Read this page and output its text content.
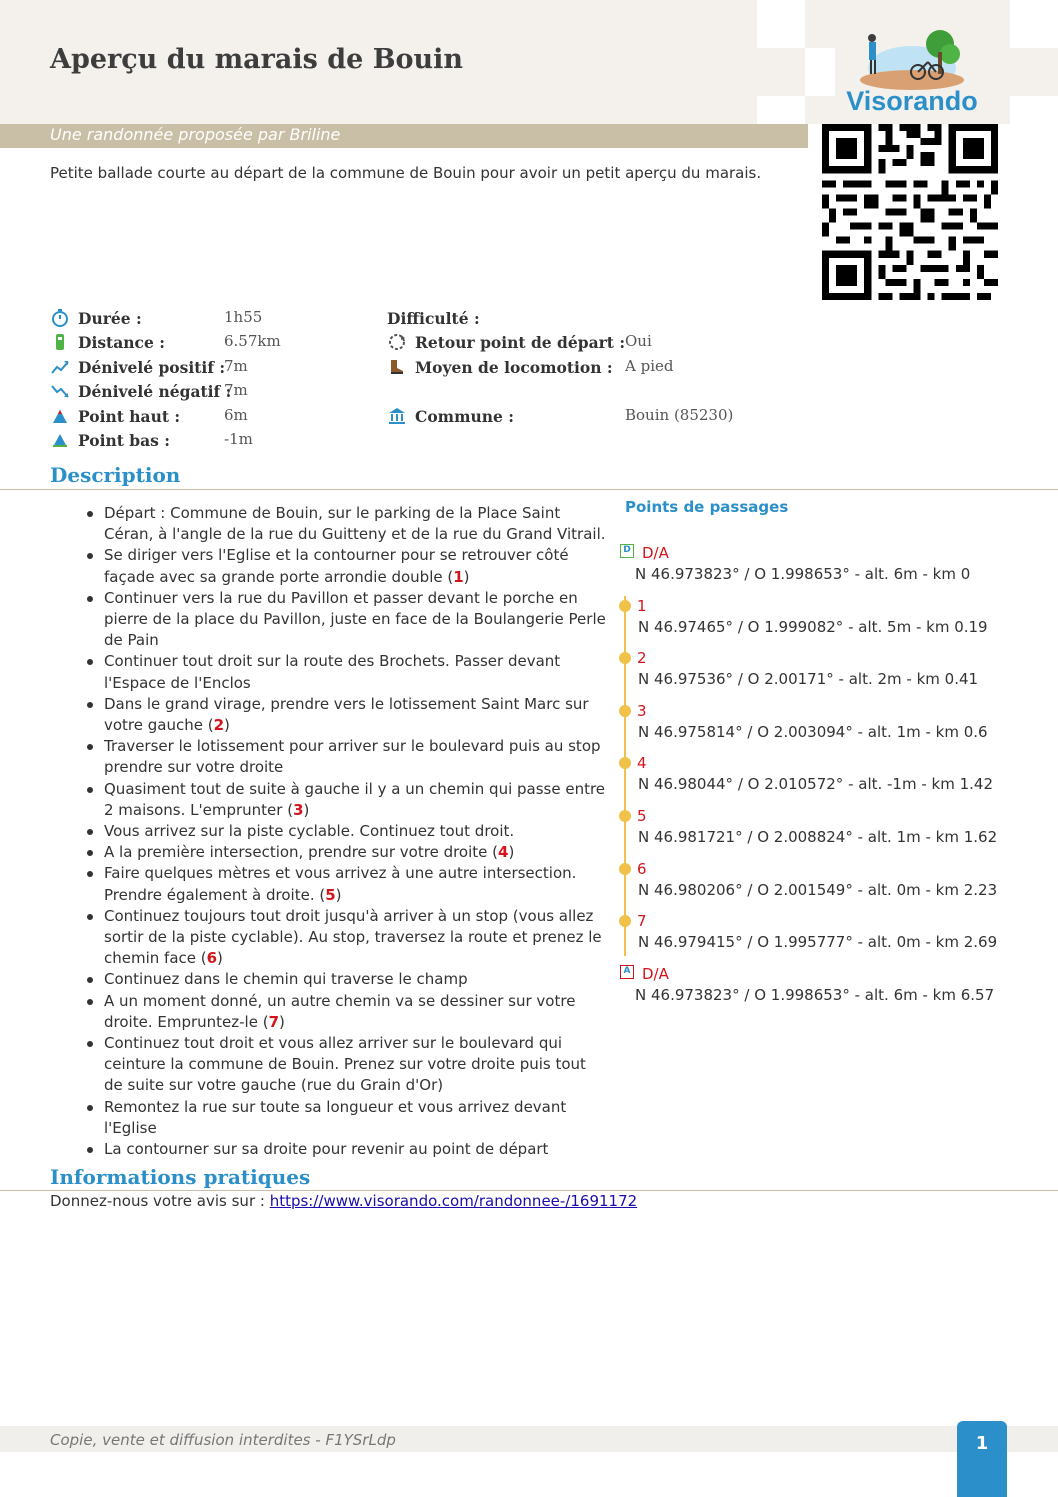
Aperçu du marais de Bouin
Une randonnée proposée par Briline

Petite ballade courte au départ de la commune de Bouin pour avoir un petit aperçu du marais.

Visorando
Durée :	1h55
Distance :	6.57km
Dénivelé positif :
7m
Dénivelé négatif :
7m
Point haut :	6m
Point bas :	-1m
Difficulté :
Retour point de départ : Oui
Moyen de locomotion : A pied
Commune :	Bouin (85230)
Description
Départ : Commune de Bouin, sur le parking de la Place Saint Céran, à l'angle de la rue du Guitteny et de la rue du Grand Vitrail.
Se diriger vers l'Eglise et la contourner pour se retrouver côté façade avec sa grande porte arrondie double (1)
Continuer vers la rue du Pavillon et passer devant le porche en pierre de la place du Pavillon, juste en face de la Boulangerie Perle de Pain
Continuer tout droit sur la route des Brochets. Passer devant l'Espace de l'Enclos
Dans le grand virage, prendre vers le lotissement Saint Marc sur votre gauche (2)
Traverser le lotissement pour arriver sur le boulevard puis au stop prendre sur votre droite
Quasiment tout de suite à gauche il y a un chemin qui passe entre 2 maisons. L'emprunter (3)
Vous arrivez sur la piste cyclable. Continuez tout droit.
A la première intersection, prendre sur votre droite (4)
Faire quelques mètres et vous arrivez à une autre intersection. Prendre également à droite. (5)
Continuez toujours tout droit jusqu'à arriver à un stop (vous allez sortir de la piste cyclable). Au stop, traversez la route et prenez le chemin face (6)
Continuez dans le chemin qui traverse le champ
A un moment donné, un autre chemin va se dessiner sur votre droite. Empruntez-le (7)
Continuez tout droit et vous allez arriver sur le boulevard qui ceinture la commune de Bouin. Prenez sur votre droite puis tout de suite sur votre gauche (rue du Grain d'Or)
Remontez la rue sur toute sa longueur et vous arrivez devant l'Eglise
La contourner sur sa droite pour revenir au point de départ
Points de passages
D D/A
N 46.973823° / O 1.998653° - alt. 6m - km 0
1
N 46.97465° / O 1.999082° - alt. 5m - km 0.19
2
N 46.97536° / O 2.00171° - alt. 2m - km 0.41
3
N 46.975814° / O 2.003094° - alt. 1m - km 0.6
4
N 46.98044° / O 2.010572° - alt. -1m - km 1.42
5
N 46.981721° / O 2.008824° - alt. 1m - km 1.62
6
N 46.980206° / O 2.001549° - alt. 0m - km 2.23
7
N 46.979415° / O 1.995777° - alt. 0m - km 2.69
A D/A
N 46.973823° / O 1.998653° - alt. 6m - km 6.57
Informations pratiques
Donnez-nous votre avis sur : https://www.visorando.com/randonnee-/1691172
Copie, vente et diffusion interdites - F1YSrLdp	1
